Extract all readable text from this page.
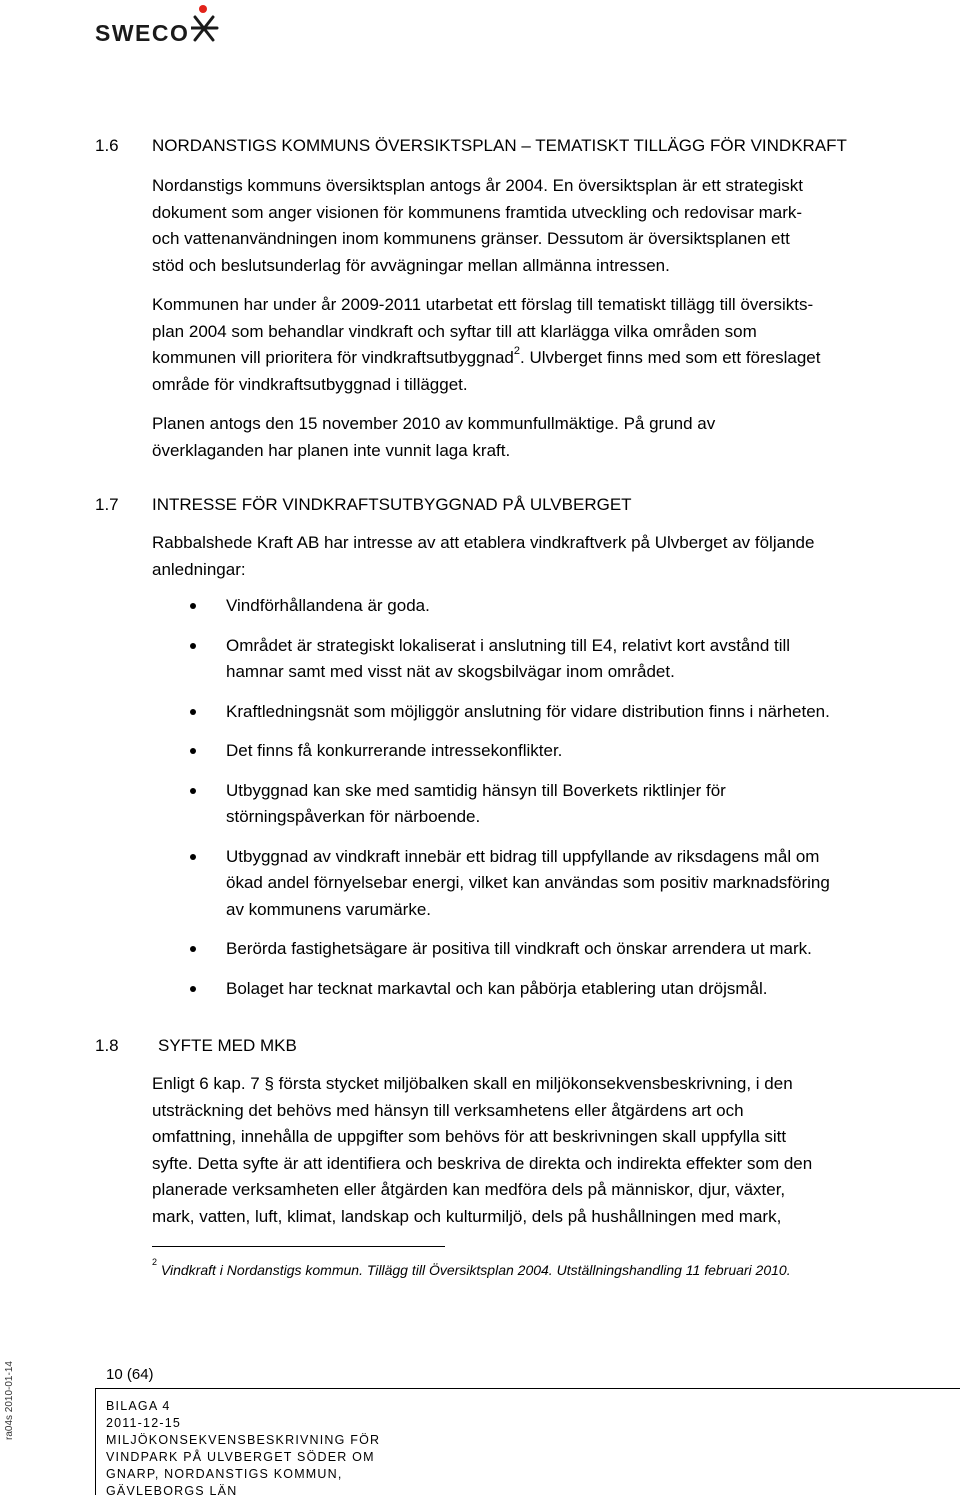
SWECO
1.6 NORDANSTIGS KOMMUNS ÖVERSIKTSPLAN – TEMATISKT TILLÄGG FÖR VINDKRAFT
Nordanstigs kommuns översiktsplan antogs år 2004. En översiktsplan är ett strategiskt
dokument som anger visionen för kommunens framtida utveckling och redovisar mark-
och vattenanvändningen inom kommunens gränser. Dessutom är översiktsplanen ett
stöd och beslutsunderlag för avvägningar mellan allmänna intressen.
Kommunen har under år 2009-2011 utarbetat ett förslag till tematiskt tillägg till översikts-
plan 2004 som behandlar vindkraft och syftar till att klarlägga vilka områden som
kommunen vill prioritera för vindkraftsutbyggnad$^2$. Ulvberget finns med som ett föreslaget
område för vindkraftsutbyggnad i tillägget.
Planen antogs den 15 november 2010 av kommunfullmäktige. På grund av
överklaganden har planen inte vunnit laga kraft.
1.7 INTRESSE FÖR VINDKRAFTSUTBYGGNAD PÅ ULVBERGET
Rabbalshede Kraft AB har intresse av att etablera vindkraftverk på Ulvberget av följande
anledningar:
Vindförhållandena är goda.
Området är strategiskt lokaliserat i anslutning till E4, relativt kort avstånd till
hamnar samt med visst nät av skogsbilvägar inom området.
Kraftledningsnät som möjliggör anslutning för vidare distribution finns i närheten.
Det finns få konkurrerande intressekonflikter.
Utbyggnad kan ske med samtidig hänsyn till Boverkets riktlinjer för
störningspåverkan för närboende.
Utbyggnad av vindkraft innebär ett bidrag till uppfyllande av riksdagens mål om
ökad andel förnyelsebar energi, vilket kan användas som positiv marknadsföring
av kommunens varumärke.
Berörda fastighetsägare är positiva till vindkraft och önskar arrendera ut mark.
Bolaget har tecknat markavtal och kan påbörja etablering utan dröjsmål.
1.8 SYFTE MED MKB
Enligt 6 kap. 7 § första stycket miljöbalken skall en miljökonsekvensbeskrivning, i den
utsträckning det behövs med hänsyn till verksamhetens eller åtgärdens art och
omfattning, innehålla de uppgifter som behövs för att beskrivningen skall uppfylla sitt
syfte. Detta syfte är att identifiera och beskriva de direkta och indirekta effekter som den
planerade verksamheten eller åtgärden kan medföra dels på människor, djur, växter,
mark, vatten, luft, klimat, landskap och kulturmiljö, dels på hushållningen med mark,
$^2$ Vindkraft i Nordanstigs kommun. Tillägg till Översiktsplan 2004. Utställningshandling 11 februari 2010.
ra04s 2010-01-14	10 (64)
BILAGA 4
2011-12-15
MILJÖKONSEKVENSBESKRIVNING FÖR
VINDPARK PÅ ULVBERGET SÖDER OM
GNARP, NORDANSTIGS KOMMUN,
GÄVLEBORGS LÄN
